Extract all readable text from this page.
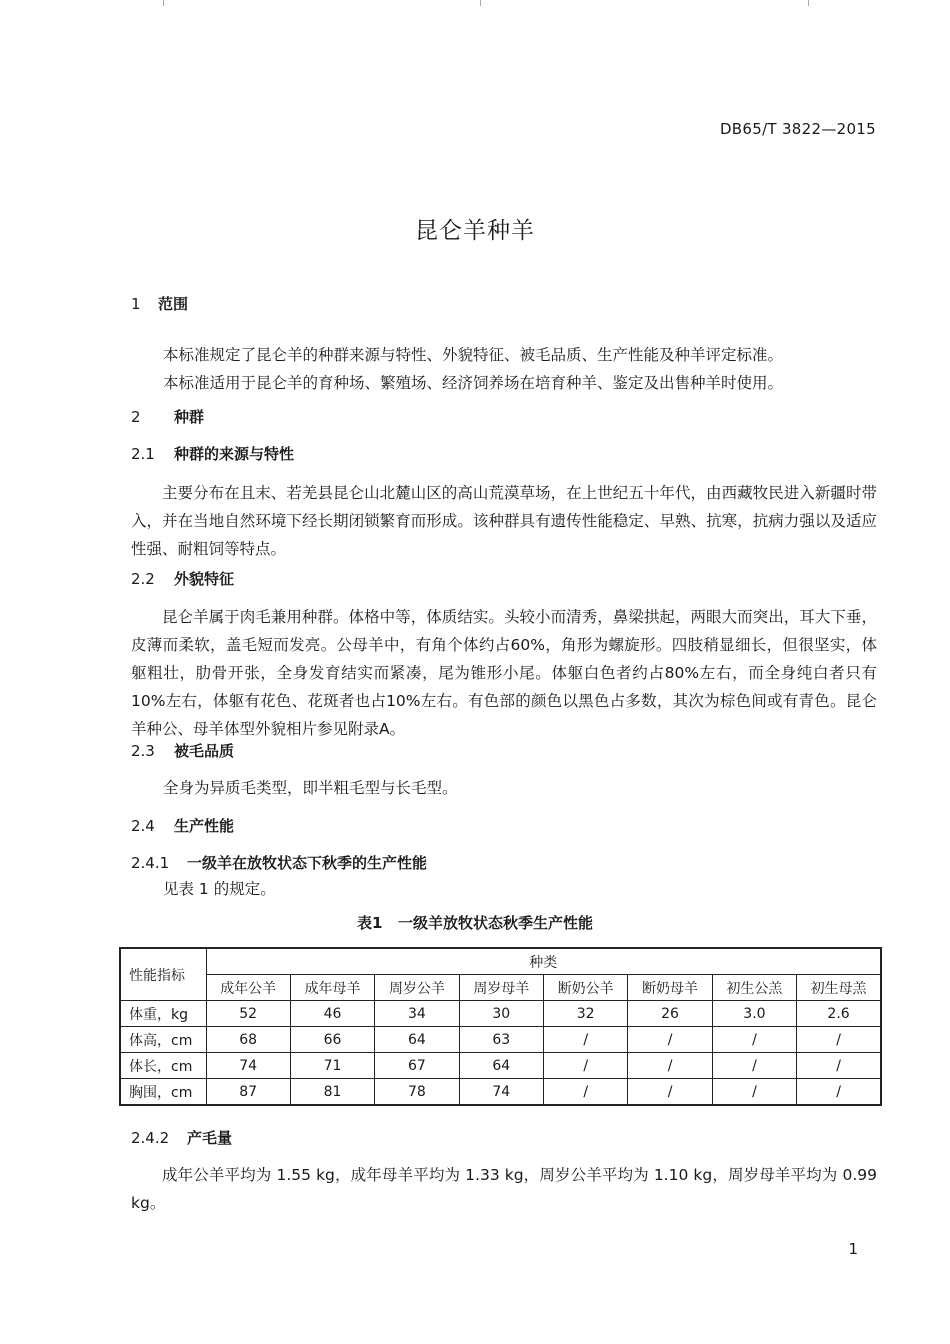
DB65/T 3822—2015
昆仑羊种羊
1 范围
本标准规定了昆仑羊的种群来源与特性、外貌特征、被毛品质、生产性能及种羊评定标准。
本标准适用于昆仑羊的育种场、繁殖场、经济饲养场在培育种羊、鉴定及出售种羊时使用。
2 种群
2.1 种群的来源与特性

主要分布在且末、若羌县昆仑山北麓山区的高山荒漠草场，在上世纪五十年代，由西藏牧民进入新疆时带入，并在当地自然环境下经长期闭锁繁育而形成。该种群具有遗传性能稳定、早熟、抗寒，抗病力强以及适应性强、耐粗饲等特点。

2.2 外貌特征

昆仑羊属于肉毛兼用种群。体格中等，体质结实。头较小而清秀，鼻梁拱起，两眼大而突出，耳大下垂，皮薄而柔软，盖毛短而发亮。公母羊中，有角个体约占60%，角形为螺旋形。四肢稍显细长，但很坚实，体躯粗壮，肋骨开张，全身发育结实而紧凑，尾为锥形小尾。体躯白色者约占80%左右，而全身纯白者只有10%左右，体躯有花色、花斑者也占10%左右。有色部的颜色以黑色占多数，其次为棕色间或有青色。昆仑羊种公、母羊体型外貌相片参见附录A。

2.3 被毛品质
全身为异质毛类型，即半粗毛型与长毛型。
2.4 生产性能
2.4.1 一级羊在放牧状态下秋季的生产性能
见表 1 的规定。
表1 一级羊放牧状态秋季生产性能
性能指标	种类							
	成年公羊	成年母羊	周岁公羊	周岁母羊	断奶公羊	断奶母羊	初生公羔	初生母羔
体重，kg	52	46	34	30	32	26	3.0	2.6
体高，cm	68	66	64	63	/	/	/	/
体长，cm	74	71	67	64	/	/	/	/
胸围，cm	87	81	78	74	/	/	/	/
2.4.2 产毛量

成年公羊平均为 1.55 kg，成年母羊平均为 1.33 kg，周岁公羊平均为 1.10 kg，周岁母羊平均为 0.99 kg。

1
